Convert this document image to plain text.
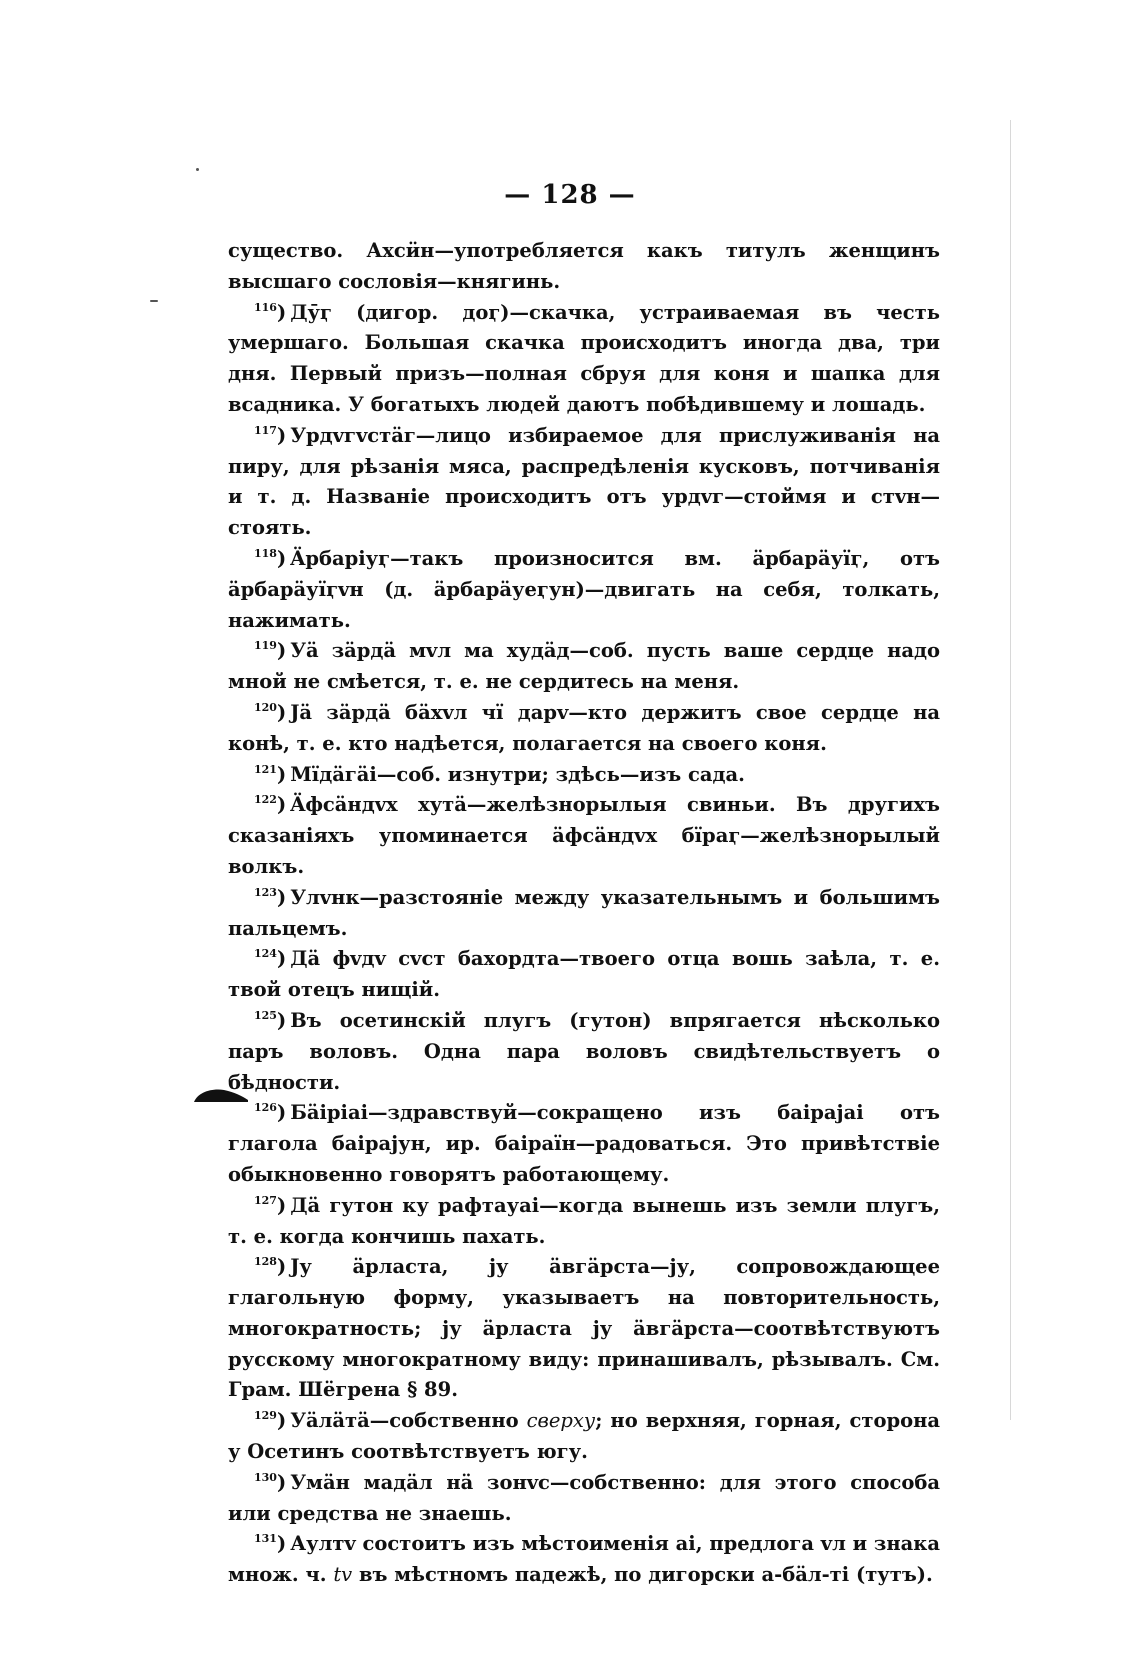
— 128 —

существо. Ахсӥн—употребляется какъ титулъ женщинъ высшаго сословія—княгинь.

$^{116}$) Дӯӷ (дигор. доӷ)—скачка, устраиваемая въ честь умершаго. Большая скачка происходитъ иногда два, три дня. Первый призъ—полная сбруя для коня и шапка для всадника. У богатыхъ людей даютъ побѣдившему и лошадь.

$^{117}$) Урдvгvстäг—лицо избираемое для прислуживанія на пиру, для рѣзанія мяса, распредѣленія кусковъ, потчиванія и т. д. Названіе происходитъ отъ урдvг—стоймя и стvн—стоять.

$^{118}$) Äрбаріуӷ—такъ произносится вм. äрбарäуїӷ, отъ äрбарäуїӷvн (д. äрбарäуеӷун)—двигать на себя, толкать, нажимать.

$^{119}$) Уä зäрдä мvл ма худäд—соб. пусть ваше сердце надо мной не смѣется, т. е. не сердитесь на меня.

$^{120}$) Jä зäрдä бäхvл чї дарv—кто держитъ свое сердце на конѣ, т. е. кто надѣется, полагается на своего коня.

$^{121}$) Мїдäгäі—соб. изнутри; здѣсь—изъ сада.

$^{122}$) Äфсäндvх хутä—желѣзнорылыя свиньи. Въ другихъ сказаніяхъ упоминается äфсäндvх бїраӷ—желѣзнорылый волкъ.

$^{123}$) Улvнк—разстояніе между указательнымъ и большимъ пальцемъ.

$^{124}$) Дä фvдv сvст бахордта—твоего отца вошь заѣла, т. е. твой отецъ нищій.

$^{125}$) Въ осетинскій плугъ (гутон) впрягается нѣсколько паръ воловъ. Одна пара воловъ свидѣтельствуетъ о бѣдности.

$^{126}$) Бäіріаі—здравствуй—сокращено изъ баіраjаі отъ глагола баіраjун, ир. баіраїн—радоваться. Это привѣтствіе обыкновенно говорятъ работающему.

$^{127}$) Дä гутон ку рафтауаі—когда вынешь изъ земли плугъ, т. е. когда кончишь пахать.

$^{128}$) Jу äрласта, jу äвгäрста—jу, сопровождающее глагольную форму, указываетъ на повторительность, многократность; jу äрласта jу äвгäрста—соотвѣтствуютъ русскому многократному виду: принашивалъ, рѣзывалъ. См. Грам. Шёгрена § 89.

$^{129}$) Уäлäтä—собственно сверху; но верхняя, горная, сторона у Осетинъ соотвѣтствуетъ югу.

$^{130}$) Умäн мадäл нä зонvс—собственно: для этого способа или средства не знаешь.

$^{131}$) Аултv состоитъ изъ мѣстоименія аі, предлога vл и знака множ. ч. tv въ мѣстномъ падежѣ, по дигорски а-бäл-ті (тутъ).
